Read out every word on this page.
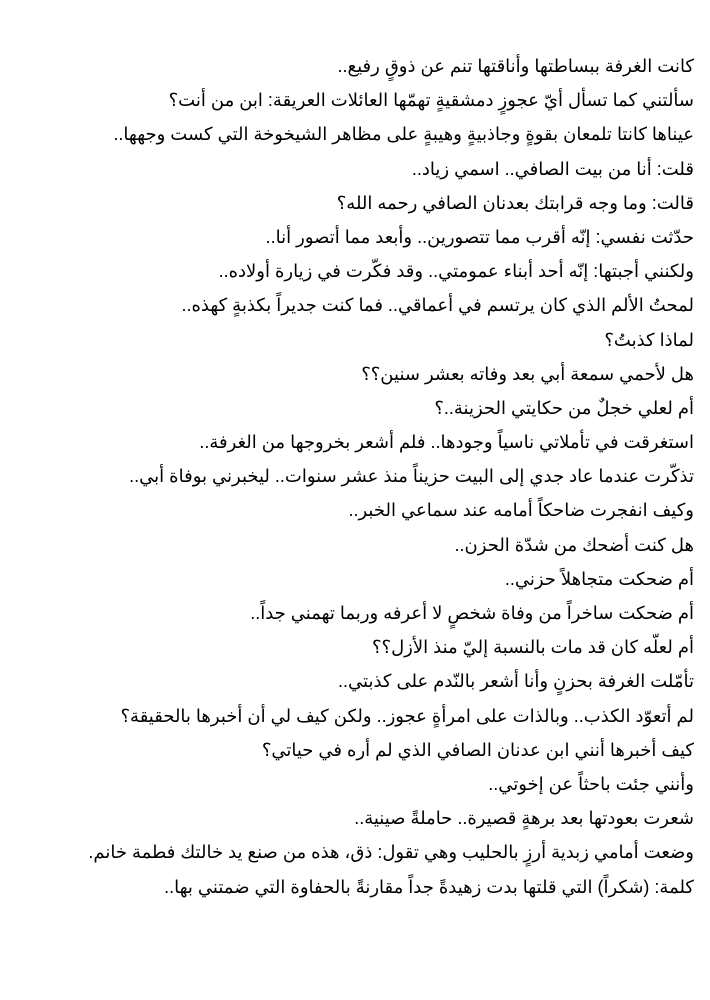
كانت الغرفة ببساطتها وأناقتها تنم عن ذوقٍ رفيع..
سألتني كما تسأل أيّ عجوزٍ دمشقيةٍ تهمّها العائلات العريقة: ابن من أنت؟
عيناها كانتا تلمعان بقوةٍ وجاذبيةٍ وهيبةٍ على مظاهر الشيخوخة التي كست وجهها..
قلت: أنا من بيت الصافي.. اسمي زياد..
قالت: وما وجه قرابتك بعدنان الصافي رحمه الله؟
حدّثت نفسي: إنّه أقرب مما تتصورين.. وأبعد مما أتصور أنا..
ولكنني أجبتها: إنّه أحد أبناء عمومتي.. وقد فكّرت في زيارة أولاده..
لمحتُ الألم الذي كان يرتسم في أعماقي.. فما كنت جديراً بكذبةٍ كهذه..
لماذا كذبتُ؟
هل لأحمي سمعة أبي بعد وفاته بعشر سنين؟؟
أم لعلي خجلٌ من حكايتي الحزينة..؟
استغرقت في تأملاتي ناسياً وجودها.. فلم أشعر بخروجها من الغرفة..
تذكّرت عندما عاد جدي إلى البيت حزيناً منذ عشر سنوات.. ليخبرني بوفاة أبي..
وكيف انفجرت ضاحكاً أمامه عند سماعي الخبر..
هل كنت أضحك من شدّة الحزن..
أم ضحكت متجاهلاً حزني..
أم ضحكت ساخراً من وفاة شخصٍ لا أعرفه وربما تهمني جداً..
أم لعلّه كان قد مات بالنسبة إليّ منذ الأزل؟؟
تأمّلت الغرفة بحزنٍ وأنا أشعر بالنّدم على كذبتي..
لم أتعوّد الكذب.. وبالذات على امرأةٍ عجوز.. ولكن كيف لي أن أخبرها بالحقيقة؟
كيف أخبرها أنني ابن عدنان الصافي الذي لم أره في حياتي؟
وأنني جئت باحثاً عن إخوتي..
شعرت بعودتها بعد برهةٍ قصيرة.. حاملةً صينية..
وضعت أمامي زبدية أرزٍ بالحليب وهي تقول: ذق، هذه من صنع يد خالتك فطمة خانم.
كلمة: (شكراً) التي قلتها بدت زهيدةً جداً مقارنةً بالحفاوة التي ضمتني بها..
